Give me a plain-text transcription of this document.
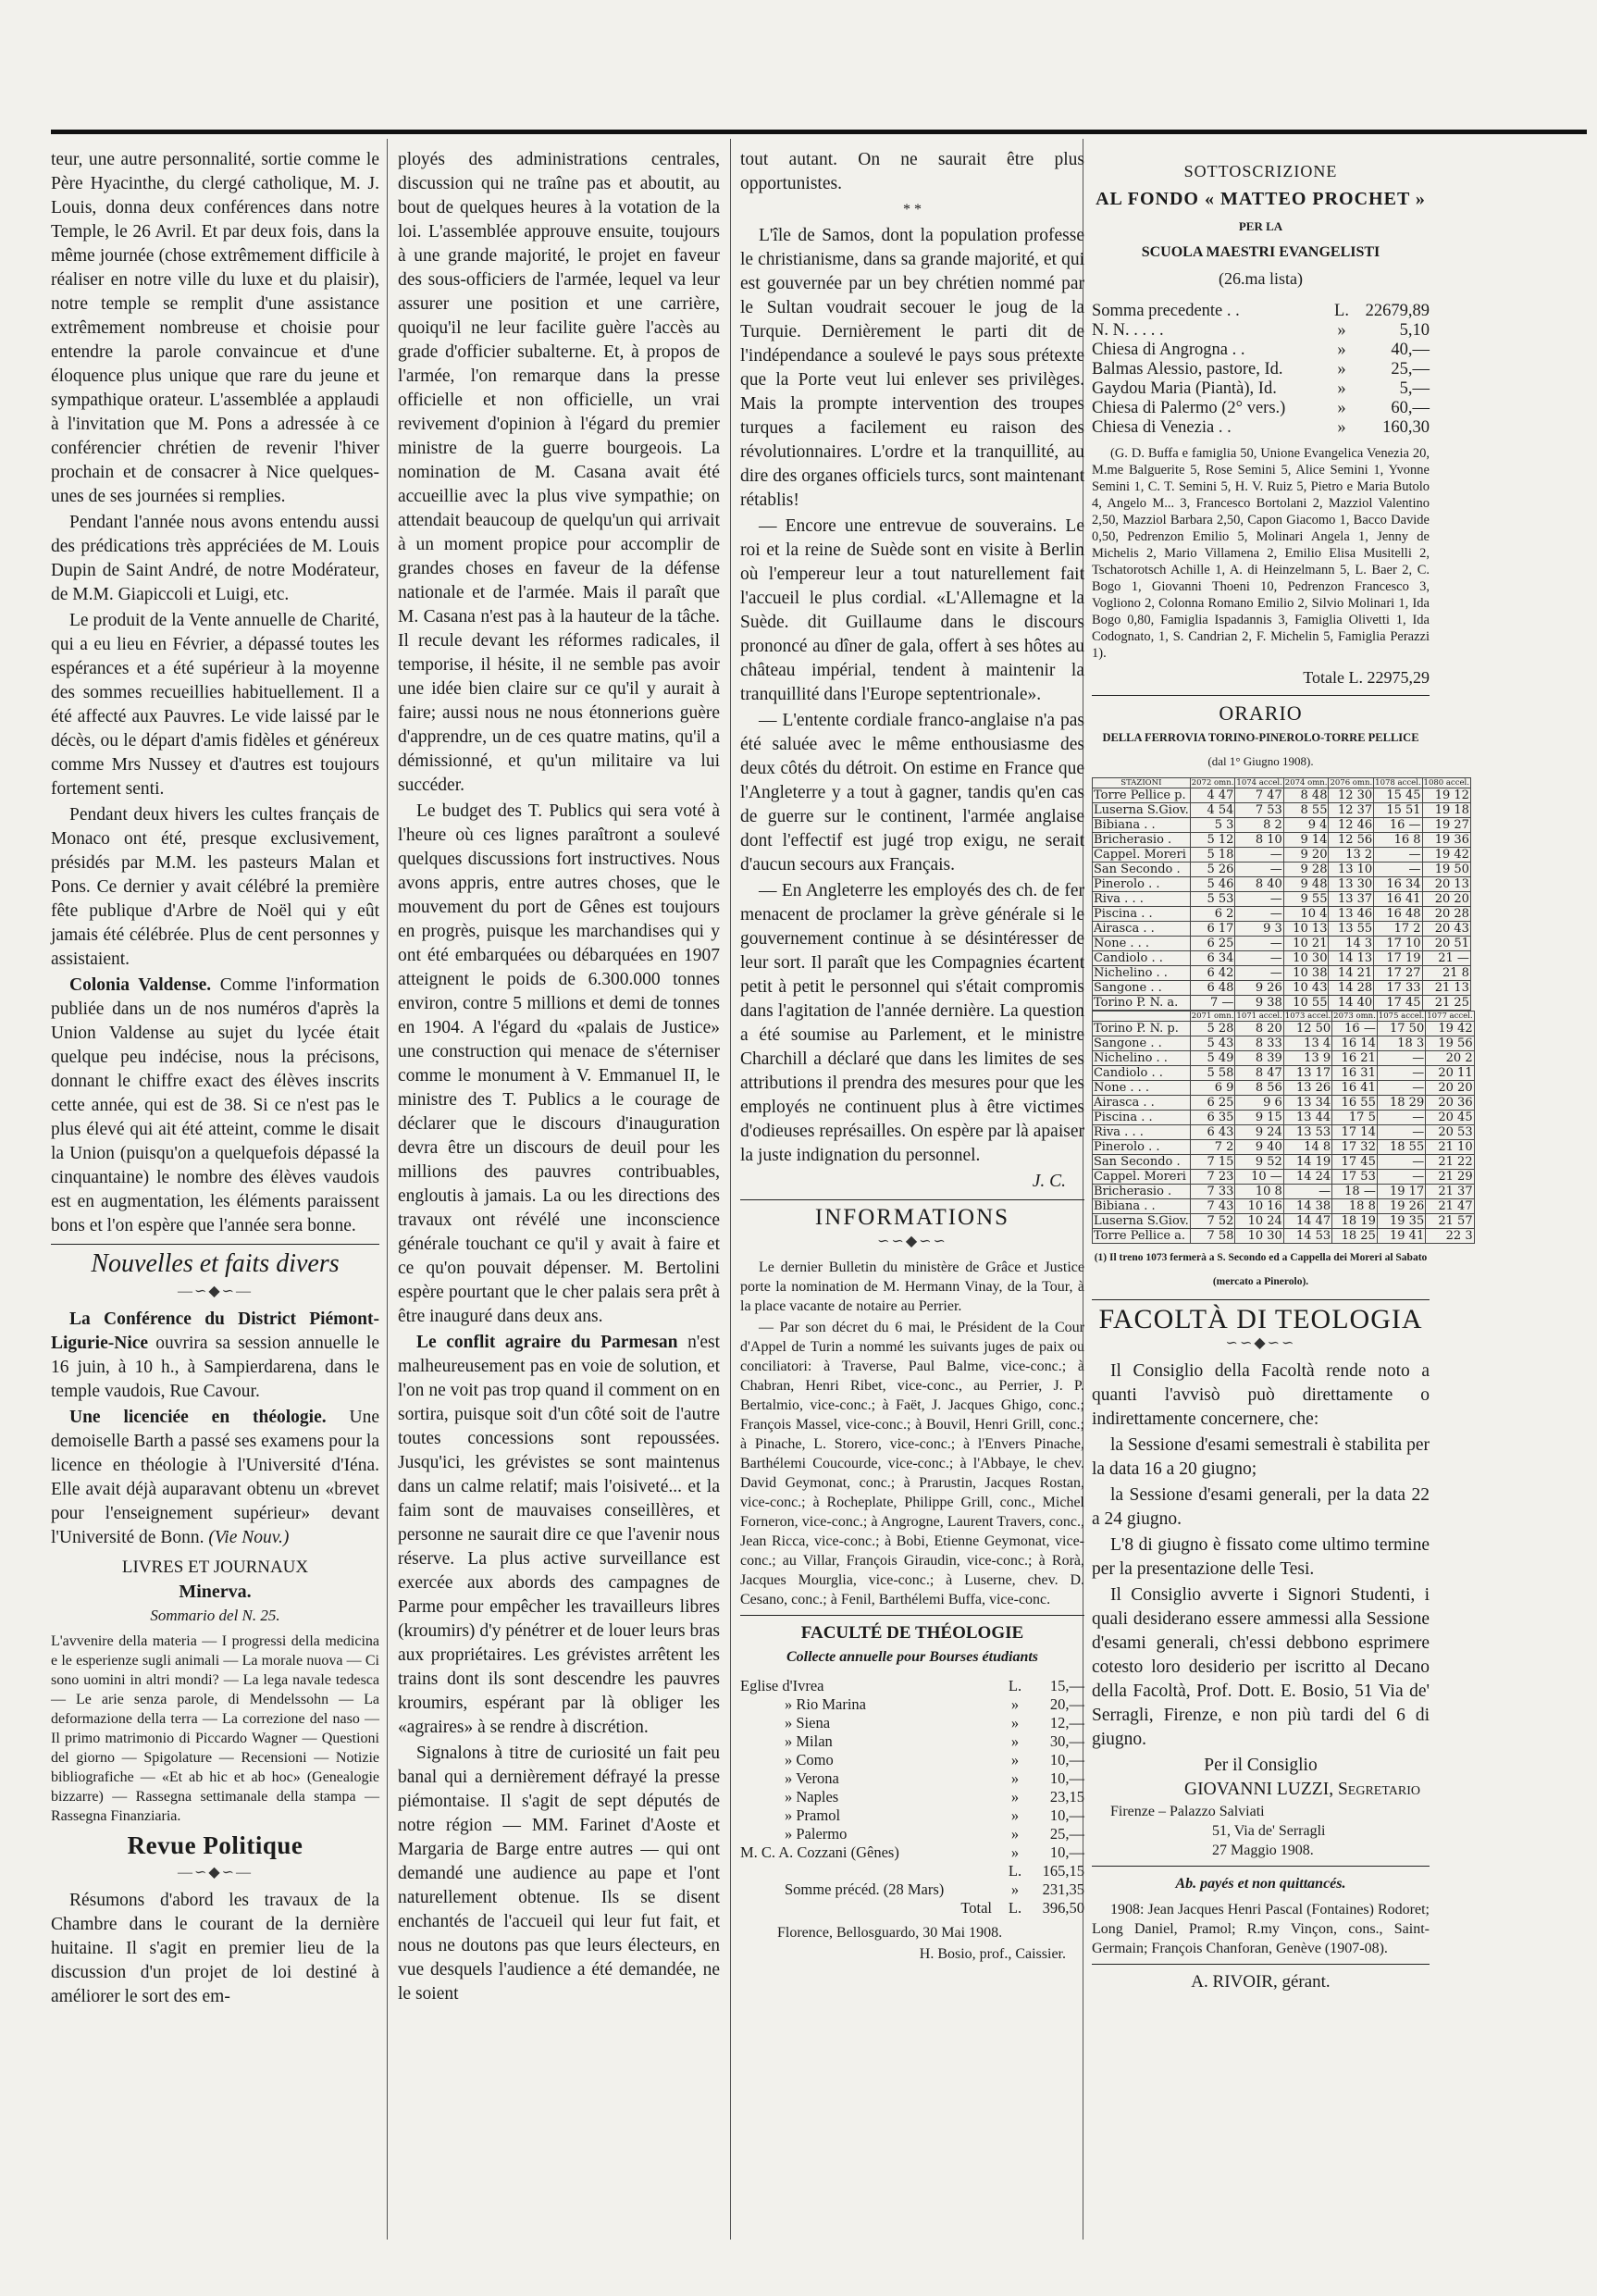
teur, une autre personnalité, sortie comme le Père Hyacinthe, du clergé catholique, M. J. Louis, donna deux conférences dans notre Temple, le 26 Avril. Et par deux fois, dans la même journée (chose extrêmement difficile à réaliser en notre ville du luxe et du plaisir), notre temple se remplit d'une assistance extrêmement nombreuse et choisie pour entendre la parole convaincue et d'une éloquence plus unique que rare du jeune et sympathique orateur. L'assemblée a applaudi à l'invitation que M. Pons a adressée à ce conférencier chrétien de revenir l'hiver prochain et de consacrer à Nice quelques-unes de ses journées si remplies.

Pendant l'année nous avons entendu aussi des prédications très appréciées de M. Louis Dupin de Saint André, de notre Modérateur, de M.M. Giapiccoli et Luigi, etc.

Le produit de la Vente annuelle de Charité, qui a eu lieu en Février, a dépassé toutes les espérances et a été supérieur à la moyenne des sommes recueillies habituellement. Il a été affecté aux Pauvres. Le vide laissé par le décès, ou le départ d'amis fidèles et généreux comme Mrs Nussey et d'autres est toujours fortement senti.

Pendant deux hivers les cultes français de Monaco ont été, presque exclusivement, présidés par M.M. les pasteurs Malan et Pons. Ce dernier y avait célébré la première fête publique d'Arbre de Noël qui y eût jamais été célébrée. Plus de cent personnes y assistaient.

Colonia Valdense. Comme l'information publiée dans un de nos numéros d'après la Union Valdense au sujet du lycée était quelque peu indécise, nous la précisons, donnant le chiffre exact des élèves inscrits cette année, qui est de 38. Si ce n'est pas le plus élevé qui ait été atteint, comme le disait la Union (puisqu'on a quelquefois dépassé la cinquantaine) le nombre des élèves vaudois est en augmentation, les éléments paraissent bons et l'on espère que l'année sera bonne.

Nouvelles et faits divers
—∽◆∽—

La Conférence du District Piémont-Ligurie-Nice ouvrira sa session annuelle le 16 juin, à 10 h., à Sampierdarena, dans le temple vaudois, Rue Cavour.

Une licenciée en théologie. Une demoiselle Barth a passé ses examens pour la licence en théologie à l'Université d'Iéna. Elle avait déjà auparavant obtenu un «brevet pour l'enseignement supérieur» devant l'Université de Bonn. (Vie Nouv.)

LIVRES ET JOURNAUX
Minerva.
Sommario del N. 25.

L'avvenire della materia — I progressi della medicina e le esperienze sugli animali — La morale nuova — Ci sono uomini in altri mondi? — La lega navale tedesca — Le arie senza parole, di Mendelssohn — La deformazione della terra — La correzione del naso — Il primo matrimonio di Piccardo Wagner — Questioni del giorno — Spigolature — Recensioni — Notizie bibliografiche — «Et ab hic et ab hoc» (Genealogie bizzarre) — Rassegna settimanale della stampa — Rassegna Finanziaria.

Revue Politique
—∽◆∽—

Résumons d'abord les travaux de la Chambre dans le courant de la dernière huitaine. Il s'agit en premier lieu de la discussion d'un projet de loi destiné à améliorer le sort des em-

ployés des administrations centrales, discussion qui ne traîne pas et aboutit, au bout de quelques heures à la votation de la loi. L'assemblée approuve ensuite, toujours à une grande majorité, le projet en faveur des sous-officiers de l'armée, lequel va leur assurer une position et une carrière, quoiqu'il ne leur facilite guère l'accès au grade d'officier subalterne. Et, à propos de l'armée, l'on remarque dans la presse officielle et non officielle, un vrai revivement d'opinion à l'égard du premier ministre de la guerre bourgeois. La nomination de M. Casana avait été accueillie avec la plus vive sympathie; on attendait beaucoup de quelqu'un qui arrivait à un moment propice pour accomplir de grandes choses en faveur de la défense nationale et de l'armée. Mais il paraît que M. Casana n'est pas à la hauteur de la tâche. Il recule devant les réformes radicales, il temporise, il hésite, il ne semble pas avoir une idée bien claire sur ce qu'il y aurait à faire; aussi nous ne nous étonnerions guère d'apprendre, un de ces quatre matins, qu'il a démissionné, et qu'un militaire va lui succéder.

Le budget des T. Publics qui sera voté à l'heure où ces lignes paraîtront a soulevé quelques discussions fort instructives. Nous avons appris, entre autres choses, que le mouvement du port de Gênes est toujours en progrès, puisque les marchandises qui y ont été embarquées ou débarquées en 1907 atteignent le poids de 6.300.000 tonnes environ, contre 5 millions et demi de tonnes en 1904. A l'égard du «palais de Justice» une construction qui menace de s'éterniser comme le monument à V. Emmanuel II, le ministre des T. Publics a le courage de déclarer que le discours d'inauguration devra être un discours de deuil pour les millions des pauvres contribuables, engloutis à jamais. La ou les directions des travaux ont révélé une inconscience générale touchant ce qu'il y avait à faire et ce qu'on pouvait dépenser. M. Bertolini espère pourtant que le cher palais sera prêt à être inauguré dans deux ans.

Le conflit agraire du Parmesan n'est malheureusement pas en voie de solution, et l'on ne voit pas trop quand il comment on en sortira, puisque soit d'un côté soit de l'autre toutes concessions sont repoussées. Jusqu'ici, les grévistes se sont maintenus dans un calme relatif; mais l'oisiveté... et la faim sont de mauvaises conseillères, et personne ne saurait dire ce que l'avenir nous réserve. La plus active surveillance est exercée aux abords des campagnes de Parme pour empêcher les travailleurs libres (kroumirs) d'y pénétrer et de louer leurs bras aux propriétaires. Les grévistes arrêtent les trains dont ils sont descendre les pauvres kroumirs, espérant par là obliger les «agraires» à se rendre à discrétion.

Signalons à titre de curiosité un fait peu banal qui a dernièrement défrayé la presse piémontaise. Il s'agit de sept députés de notre région — MM. Farinet d'Aoste et Margaria de Barge entre autres — qui ont demandé une audience au pape et l'ont naturellement obtenue. Ils se disent enchantés de l'accueil qui leur fut fait, et nous ne doutons pas que leurs électeurs, en vue desquels l'audience a été demandée, ne le soient

tout autant. On ne saurait être plus opportunistes.

* *

L'île de Samos, dont la population professe le christianisme, dans sa grande majorité, et qui est gouvernée par un bey chrétien nommé par le Sultan voudrait secouer le joug de la Turquie. Dernièrement le parti dit de l'indépendance a soulevé le pays sous prétexte que la Porte veut lui enlever ses privilèges. Mais la prompte intervention des troupes turques a facilement eu raison des révolutionnaires. L'ordre et la tranquillité, au dire des organes officiels turcs, sont maintenant rétablis!

— Encore une entrevue de souverains. Le roi et la reine de Suède sont en visite à Berlin où l'empereur leur a tout naturellement fait l'accueil le plus cordial. «L'Allemagne et la Suède. dit Guillaume dans le discours prononcé au dîner de gala, offert à ses hôtes au château impérial, tendent à maintenir la tranquillité dans l'Europe septentrionale».

— L'entente cordiale franco-anglaise n'a pas été saluée avec le même enthousiasme des deux côtés du détroit. On estime en France que l'Angleterre y a tout à gagner, tandis qu'en cas de guerre sur le continent, l'armée anglaise dont l'effectif est jugé trop exigu, ne serait d'aucun secours aux Français.

— En Angleterre les employés des ch. de fer menacent de proclamer la grève générale si le gouvernement continue à se désintéresser de leur sort. Il paraît que les Compagnies écartent petit à petit le personnel qui s'était compromis dans l'agitation de l'année dernière. La question a été soumise au Parlement, et le ministre Charchill a déclaré que dans les limites de ses attributions il prendra des mesures pour que les employés ne continuent plus à être victimes d'odieuses représailles. On espère par là apaiser la juste indignation du personnel.

J. C.
INFORMATIONS
∽∽◆∽∽

Le dernier Bulletin du ministère de Grâce et Justice porte la nomination de M. Hermann Vinay, de la Tour, à la place vacante de notaire au Perrier.

— Par son décret du 6 mai, le Président de la Cour d'Appel de Turin a nommé les suivants juges de paix ou conciliatori: à Traverse, Paul Balme, vice-conc.; à Chabran, Henri Ribet, vice-conc., au Perrier, J. P. Bertalmio, vice-conc.; à Faët, J. Jacques Ghigo, conc.; François Massel, vice-conc.; à Bouvil, Henri Grill, conc.; à Pinache, L. Storero, vice-conc.; à l'Envers Pinache, Barthélemi Coucourde, vice-conc.; à l'Abbaye, le chev. David Geymonat, conc.; à Prarustin, Jacques Rostan, vice-conc.; à Rocheplate, Philippe Grill, conc., Michel Forneron, vice-conc.; à Angrogne, Laurent Travers, conc., Jean Ricca, vice-conc.; à Bobi, Etienne Geymonat, vice-conc.; au Villar, François Giraudin, vice-conc.; à Rorà, Jacques Mourglia, vice-conc.; à Luserne, chev. D. Cesano, conc.; à Fenil, Barthélemi Buffa, vice-conc.

FACULTÉ DE THÉOLOGIE
Collecte annuelle pour Bourses étudiants
Eglise d'Ivrea	L.	15,—
» Rio Marina	»	20,—
» Siena	»	12,—
» Milan	»	30,—
» Como	»	10,—
» Verona	»	10,—
» Naples	»	23,15
» Pramol	»	10,—
» Palermo	»	25,—
M. C. A. Cozzani (Gênes)	»	10,—
L.	165,15
Somme précéd. (28 Mars)	»	231,35
Total	L.	396,50

Florence, Bellosguardo, 30 Mai 1908.

H. Bosio, prof., Caissier.
SOTTOSCRIZIONE
AL FONDO « MATTEO PROCHET »
PER LA
SCUOLA MAESTRI EVANGELISTI
(26.ma lista)
Somma precedente . .	L. 22679,89
N. N. . . . .	»	5,10
Chiesa di Angrogna . .	»	40,—
Balmas Alessio, pastore, Id.	»	25,—
Gaydou Maria (Piantà), Id.	»	5,—
Chiesa di Palermo (2° vers.)	»	60,—
Chiesa di Venezia . .	»	160,30

(G. D. Buffa e famiglia 50, Unione Evangelica Venezia 20, M.me Balguerite 5, Rose Semini 5, Alice Semini 1, Yvonne Semini 1, C. T. Semini 5, H. V. Ruiz 5, Pietro e Maria Butolo 4, Angelo M... 3, Francesco Bortolani 2, Mazziol Valentino 2,50, Mazziol Barbara 2,50, Capon Giacomo 1, Bacco Davide 0,50, Pedrenzon Emilio 5, Molinari Angela 1, Jenny de Michelis 2, Mario Villamena 2, Emilio Elisa Musitelli 2, Tschatorotsch Achille 1, A. di Heinzelmann 5, L. Baer 2, C. Bogo 1, Giovanni Thoeni 10, Pedrenzon Francesco 3, Vogliono 2, Colonna Romano Emilio 2, Silvio Molinari 1, Ida Bogo 0,80, Famiglia Ispadannis 3, Famiglia Olivetti 1, Ida Codognato, 1, S. Candrian 2, F. Michelin 5, Famiglia Perazzi 1).

Totale L. 22975,29
ORARIO
DELLA FERROVIA TORINO-PINEROLO-TORRE PELLICE
(dal 1° Giugno 1908).
STAZIONI	2072 omn.	1074 accel.	2074 omn.	2076 omn.	1078 accel.	1080 accel.
Torre Pellice p.	4 47	7 47	8 48	12 30	15 45	19 12
Luserna S.Giov.	4 54	7 53	8 55	12 37	15 51	19 18
Bibiana . .	5 3	8 2	9 4	12 46	16 —	19 27
Bricherasio .	5 12	8 10	9 14	12 56	16 8	19 36
Cappel. Moreri	5 18	—	9 20	13 2	—	19 42
San Secondo .	5 26	—	9 28	13 10	—	19 50
Pinerolo . .	5 46	8 40	9 48	13 30	16 34	20 13
Riva . . .	5 53	—	9 55	13 37	16 41	20 20
Piscina . .	6 2	—	10 4	13 46	16 48	20 28
Airasca . .	6 17	9 3	10 13	13 55	17 2	20 43
None . . .	6 25	—	10 21	14 3	17 10	20 51
Candiolo . .	6 34	—	10 30	14 13	17 19	21 —
Nichelino . .	6 42	—	10 38	14 21	17 27	21 8
Sangone . .	6 48	9 26	10 43	14 28	17 33	21 13
Torino P. N. a.	7 —	9 38	10 55	14 40	17 45	21 25
	2071 omn.	1071 accel.	1073 accel.	2073 omn.	1075 accel.	1077 accel.
Torino P. N. p.	5 28	8 20	12 50	16 —	17 50	19 42
Sangone . .	5 43	8 33	13 4	16 14	18 3	19 56
Nichelino . .	5 49	8 39	13 9	16 21	—	20 2
Candiolo . .	5 58	8 47	13 17	16 31	—	20 11
None . . .	6 9	8 56	13 26	16 41	—	20 20
Airasca . .	6 25	9 6	13 34	16 55	18 29	20 36
Piscina . .	6 35	9 15	13 44	17 5	—	20 45
Riva . . .	6 43	9 24	13 53	17 14	—	20 53
Pinerolo . .	7 2	9 40	14 8	17 32	18 55	21 10
San Secondo .	7 15	9 52	14 19	17 45	—	21 22
Cappel. Moreri	7 23	10 —	14 24	17 53	—	21 29
Bricherasio .	7 33	10 8	—	18 —	19 17	21 37
Bibiana . .	7 43	10 16	14 38	18 8	19 26	21 47
Luserna S.Giov.	7 52	10 24	14 47	18 19	19 35	21 57
Torre Pellice a.	7 58	10 30	14 53	18 25	19 41	22 3
(1) Il treno 1073 fermerà a S. Secondo ed a Cappella dei Moreri al Sabato (mercato a Pinerolo).
FACOLTÀ DI TEOLOGIA
∽∽◆∽∽

Il Consiglio della Facoltà rende noto a quanti l'avvisò può direttamente o indirettamente concernere, che:

la Sessione d'esami semestrali è stabilita per la data 16 a 20 giugno;

la Sessione d'esami generali, per la data 22 a 24 giugno.

L'8 di giugno è fissato come ultimo termine per la presentazione delle Tesi.

Il Consiglio avverte i Signori Studenti, i quali desiderano essere ammessi alla Sessione d'esami generali, ch'essi debbono esprimere cotesto loro desiderio per iscritto al Decano della Facoltà, Prof. Dott. E. Bosio, 51 Via de' Serragli, Firenze, e non più tardi del 6 di giugno.

Per il Consiglio
GIOVANNI LUZZI, Segretario
Firenze – Palazzo Salviati
51, Via de' Serragli
27 Maggio 1908.
Ab. payés et non quittancés.

1908: Jean Jacques Henri Pascal (Fontaines) Rodoret; Long Daniel, Pramol; R.my Vinçon, cons., Saint-Germain; François Chanforan, Genève (1907-08).

A. RIVOIR, gérant.
